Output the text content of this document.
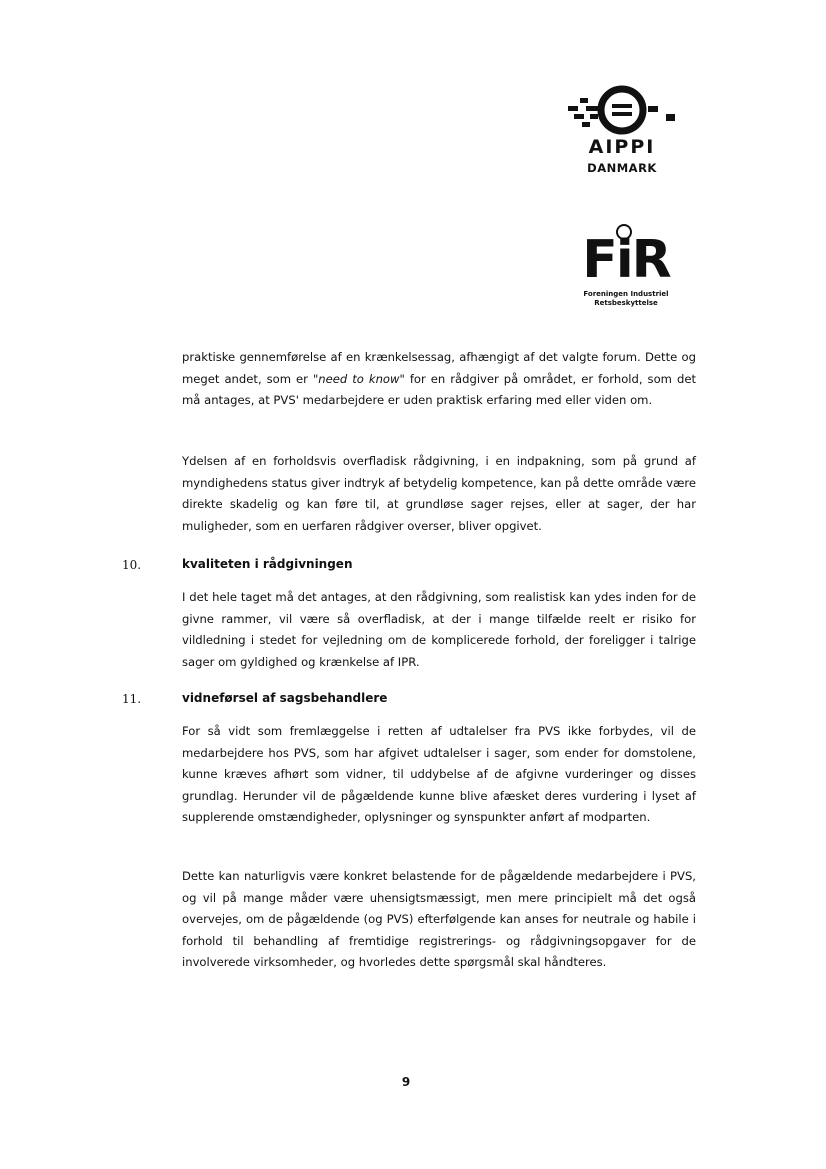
AIPPI
DANMARK
FiR
Foreningen Industriel
Retsbeskyttelse
praktiske gennemførelse af en krænkelsessag, afhængigt af det valgte forum. Dette og meget andet, som er "need to know" for en rådgiver på området, er forhold, som det må antages, at PVS' medarbejdere er uden praktisk erfaring med eller viden om.
Ydelsen af en forholdsvis overfladisk rådgivning, i en indpakning, som på grund af myndighedens status giver indtryk af betydelig kompetence, kan på dette område være direkte skadelig og kan føre til, at grundløse sager rejses, eller at sager, der har muligheder, som en uerfaren rådgiver overser, bliver opgivet.
10.	kvaliteten i rådgivningen
I det hele taget må det antages, at den rådgivning, som realistisk kan ydes inden for de givne rammer, vil være så overfladisk, at der i mange tilfælde reelt er risiko for vildledning i stedet for vejledning om de komplicerede forhold, der foreligger i talrige sager om gyldighed og krænkelse af IPR.
11.	vidneførsel af sagsbehandlere
For så vidt som fremlæggelse i retten af udtalelser fra PVS ikke forbydes, vil de medarbejdere hos PVS, som har afgivet udtalelser i sager, som ender for domstolene, kunne kræves afhørt som vidner, til uddybelse af de afgivne vurderinger og disses grundlag. Herunder vil de pågældende kunne blive afæsket deres vurdering i lyset af supplerende omstændigheder, oplysninger og synspunkter anført af modparten.
Dette kan naturligvis være konkret belastende for de pågældende medarbejdere i PVS, og vil på mange måder være uhensigtsmæssigt, men mere principielt må det også overvejes, om de pågældende (og PVS) efterfølgende kan anses for neutrale og habile i forhold til behandling af fremtidige registrerings- og rådgivningsopgaver for de involverede virksomheder, og hvorledes dette spørgsmål skal håndteres.
9
